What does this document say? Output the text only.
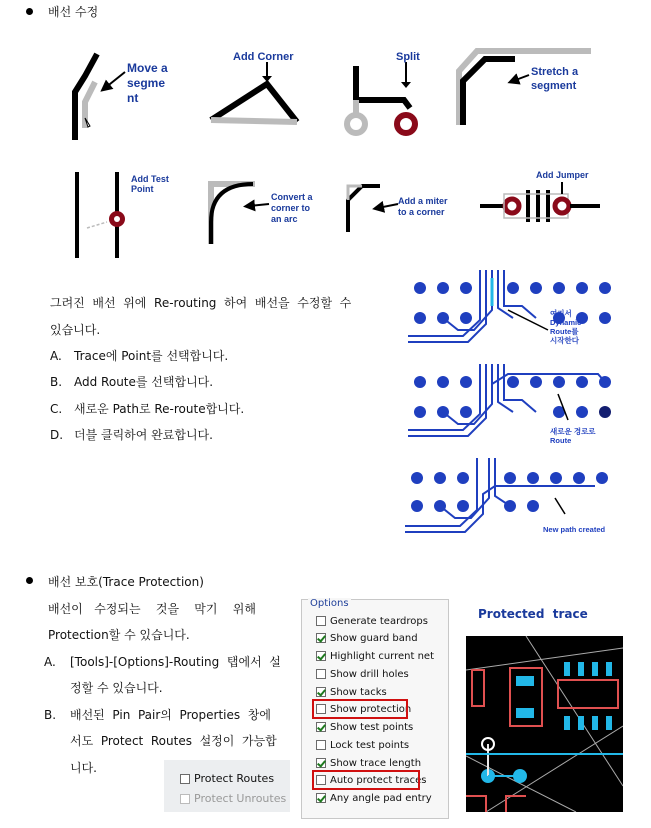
배선 수정
Move a segme nt
Add Corner	Split
Stretch a segment
Add Test Point
Convert a corner to an arc
Add a miter to a corner
Add Jumper
그려진  배선  위에  Re-routing  하여  배선을  수정할  수
있습니다.
A. Trace에 Point를 선택합니다.
B. Add Route를 선택합니다.
C. 새로운 Path로 Re-route합니다.
D. 더블 클릭하여 완료합니다.
여기서 Dynamic Route를 시작한다
새로운 경로로 Route
New path created
배선 보호(Trace Protection)
배선이   수정되는    것을    막기    위해
Protection할 수 있습니다.
A. [Tools]-[Options]-Routing  탭에서  설
정할 수 있습니다.
B. 배선된  Pin  Pair의  Properties  창에
서도  Protect  Routes  설정이  가능합
니다.
Protect Routes
Protect Unroutes
Options
Generate teardrops
Show guard band
Highlight current net
Show drill holes
Show tacks
Show protection
Show test points
Lock test points
Show trace length
Auto protect traces
Any angle pad entry
Protected  trace
